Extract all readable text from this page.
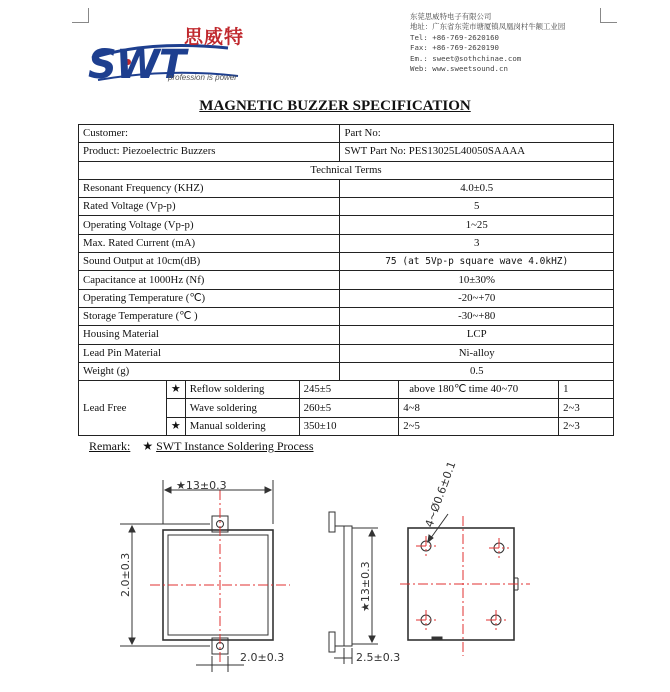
思威特
SWT
profession is power
东莞思威特电子有限公司
地址：广东省东莞市塘厦镇凤凰岗村牛额工业园
Tel: +86-769-2620160
Fax: +86-769-2620190
Em.: sweet@sothchinae.com
Web: www.sweetsound.cn
MAGNETIC BUZZER SPECIFICATION
Customer:				Part No:		
Product: Piezoelectric Buzzers				SWT Part No: PES13025L40050SAAAA		
Technical Terms						
Resonant Frequency (KHZ)				4.0±0.5		
Rated Voltage (Vp-p)				5		
Operating Voltage (Vp-p)				1~25		
Max. Rated Current (mA)				3		
Sound Output at 10cm(dB)				75 (at 5Vp-p square wave 4.0kHZ)		
Capacitance at 1000Hz (Nf)				10±30%		
Operating Temperature (℃)				-20~+70		
Storage Temperature (℃ )				-30~+80		
Housing Material				LCP		
Lead Pin Material				Ni-alloy		
Weight (g)				0.5		
Lead Free	★	Reflow soldering	245±5		above 180℃ time 40~70	1
		Wave soldering	260±5		4~8	2~3
	★	Manual soldering	350±10		2~5	2~3
Remark: ★ SWT Instance Soldering Process
★13±0.3
2.0±0.3
2.0±0.3
★13±0.3
2.5±0.3
4~Ø0.6±0.1
